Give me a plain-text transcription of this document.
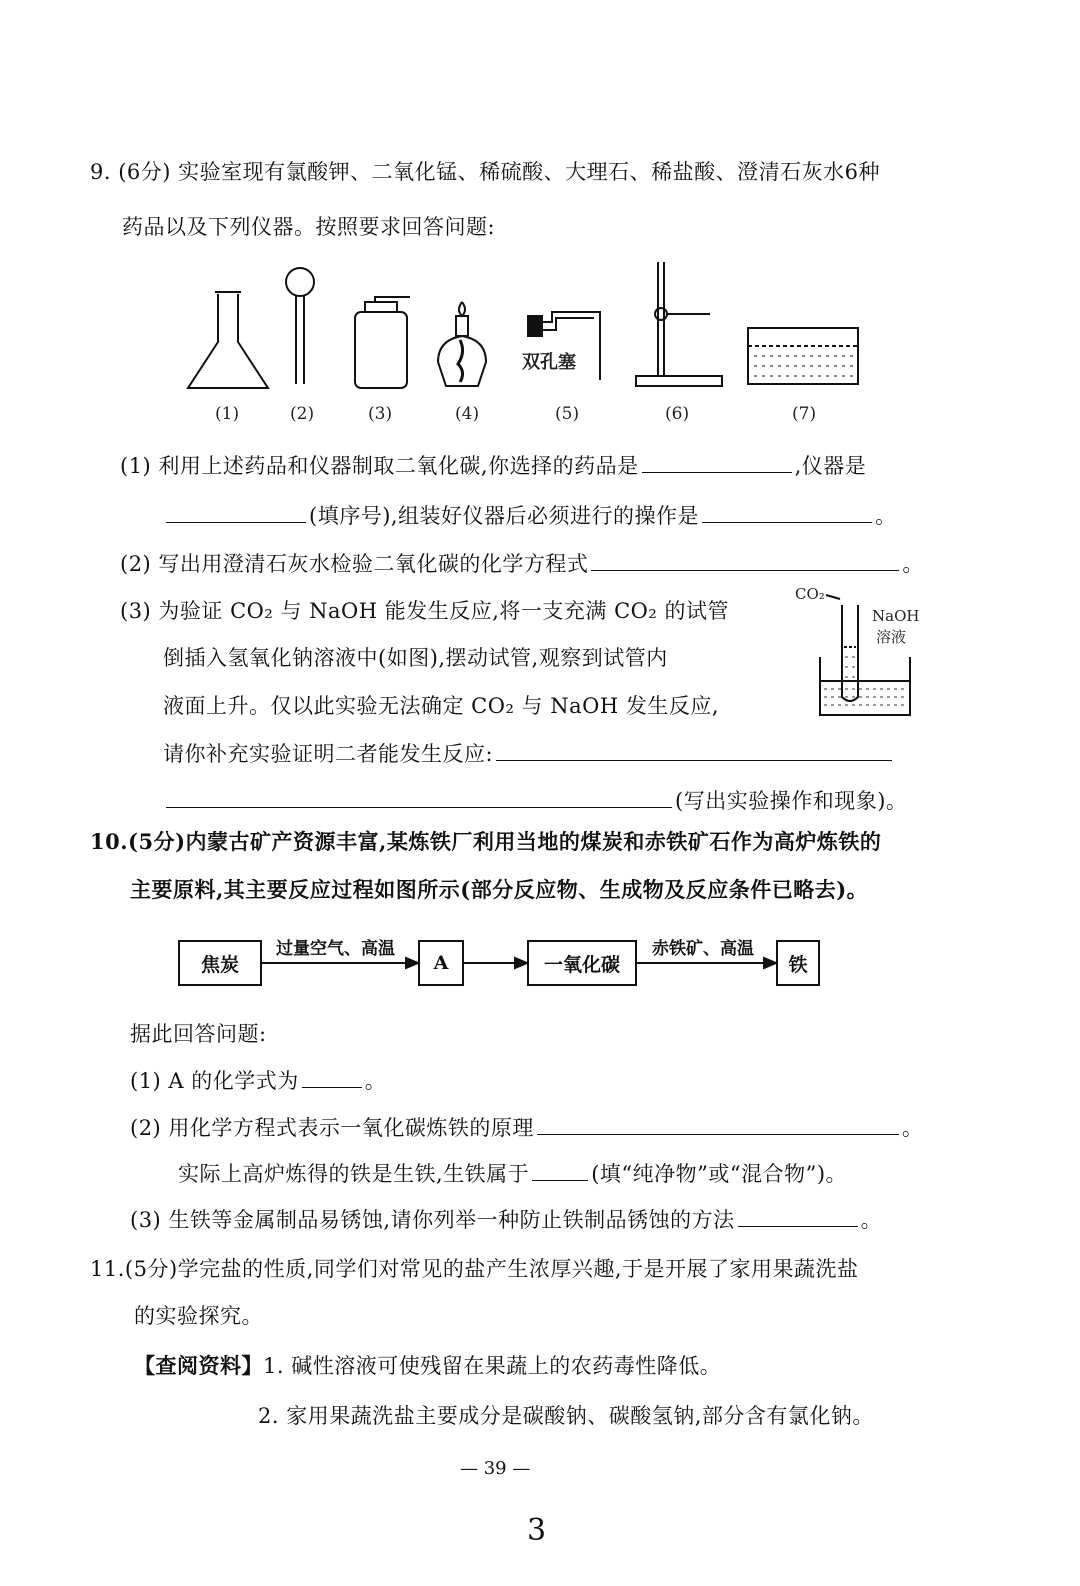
9. (6分) 实验室现有氯酸钾、二氧化锰、稀硫酸、大理石、稀盐酸、澄清石灰水6种
药品以及下列仪器。按照要求回答问题:
双孔塞
(1)	(2)	(3)	(4)	(5)	(6)	(7)
(1) 利用上述药品和仪器制取二氧化碳,你选择的药品是	,仪器是
(填序号),组装好仪器后必须进行的操作是	。
(2) 写出用澄清石灰水检验二氧化碳的化学方程式	。
(3) 为验证 CO₂ 与 NaOH 能发生反应,将一支充满 CO₂ 的试管
倒插入氢氧化钠溶液中(如图),摆动试管,观察到试管内
液面上升。仅以此实验无法确定 CO₂ 与 NaOH 发生反应,
请你补充实验证明二者能发生反应:
(写出实验操作和现象)。
CO₂
NaOH
溶液
10.(5分)内蒙古矿产资源丰富,某炼铁厂利用当地的煤炭和赤铁矿石作为高炉炼铁的
主要原料,其主要反应过程如图所示(部分反应物、生成物及反应条件已略去)。
焦炭	A	一氧化碳	铁
过量空气、高温	赤铁矿、高温
据此回答问题:
(1) A 的化学式为	。
(2) 用化学方程式表示一氧化碳炼铁的原理	。
实际上高炉炼得的铁是生铁,生铁属于	(填“纯净物”或“混合物”)。
(3) 生铁等金属制品易锈蚀,请你列举一种防止铁制品锈蚀的方法	。
11.(5分)学完盐的性质,同学们对常见的盐产生浓厚兴趣,于是开展了家用果蔬洗盐
的实验探究。
【查阅资料】1. 碱性溶液可使残留在果蔬上的农药毒性降低。
2. 家用果蔬洗盐主要成分是碳酸钠、碳酸氢钠,部分含有氯化钠。
— 39 —
3
